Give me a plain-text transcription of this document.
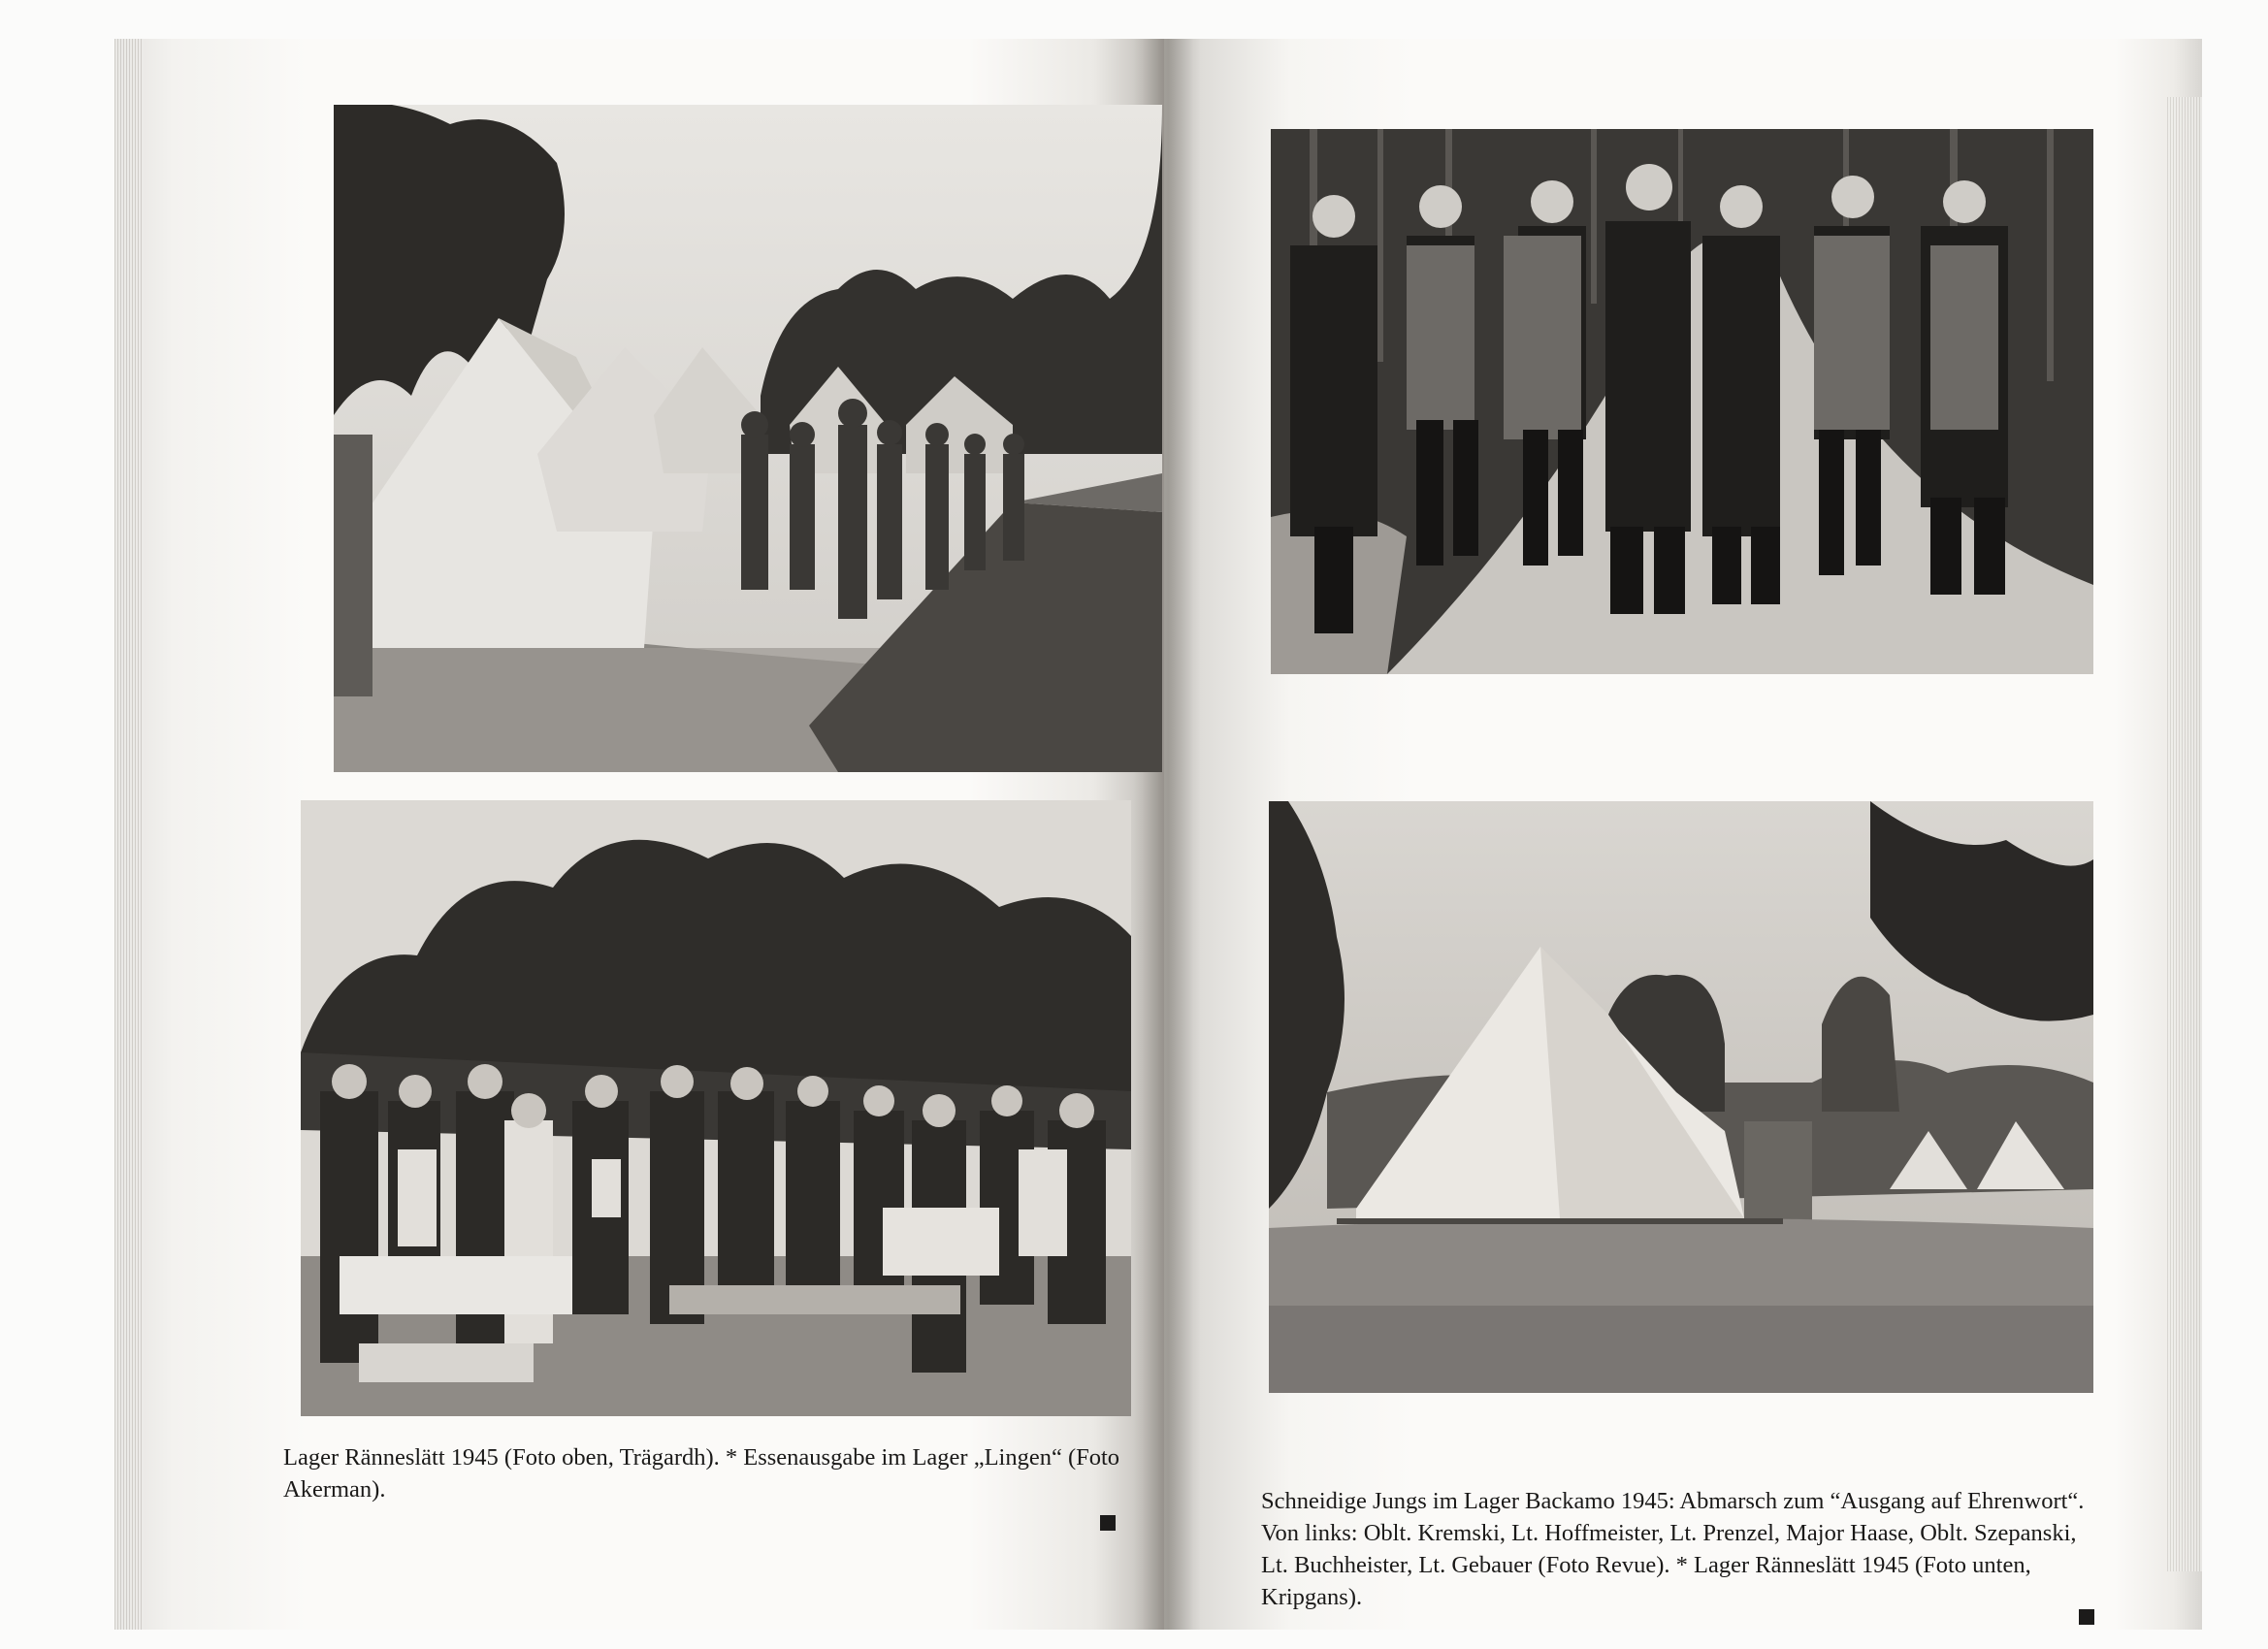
Lager Ränneslätt 1945 (Foto oben, Trägardh). * Essenausgabe im Lager „Lingen“ (Foto
Akerman).	Schneidige Jungs im Lager Backamo 1945: Abmarsch zum “Ausgang auf Ehrenwort“.
Von links: Oblt. Kremski, Lt. Hoffmeister, Lt. Prenzel, Major Haase, Oblt. Szepanski,
Lt. Buchheister, Lt. Gebauer (Foto Revue). * Lager Ränneslätt 1945 (Foto unten,
Kripgans).
